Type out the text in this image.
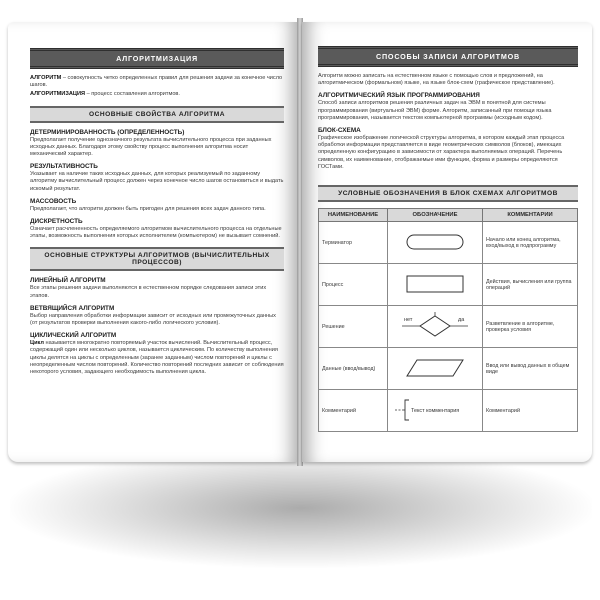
АЛГОРИТМИЗАЦИЯ

АЛГОРИТМ – совокупность четко определенных правил для решения задачи за конечное число шагов.

АЛГОРИТМИЗАЦИЯ – процесс составления алгоритмов.

ОСНОВНЫЕ СВОЙСТВА АЛГОРИТМА
ДЕТЕРМИНИРОВАННОСТЬ (ОПРЕДЕЛЕННОСТЬ)

Предполагает получение однозначного результата вычислительного процесса при заданных исходных данных. Благодаря этому свойству процесс выполнения алгоритма носит механический характер.

РЕЗУЛЬТАТИВНОСТЬ

Указывает на наличие таких исходных данных, для которых реализуемый по заданному алгоритму вычислительный процесс должен через конечное число шагов остановиться и выдать искомый результат.

МАССОВОСТЬ

Предполагает, что алгоритм должен быть пригоден для решения всех задач данного типа.

ДИСКРЕТНОСТЬ

Означает расчлененность определяемого алгоритмом вычислительного процесса на отдельные этапы, возможность выполнения которых исполнителем (компьютером) не вызывает сомнений.

ОСНОВНЫЕ СТРУКТУРЫ АЛГОРИТМОВ (ВЫЧИСЛИТЕЛЬНЫХ ПРОЦЕССОВ)
ЛИНЕЙНЫЙ АЛГОРИТМ

Все этапы решения задачи выполняются в естественном порядке следования записи этих этапов.

ВЕТВЯЩИЙСЯ АЛГОРИТМ

Выбор направления обработки информации зависит от исходных или промежуточных данных (от результатов проверки выполнения какого-либо логического условия).

ЦИКЛИЧЕСКИЙ АЛГОРИТМ

Цикл называется многократно повторяемый участок вычислений. Вычислительный процесс, содержащий один или несколько циклов, называется циклическим. По количеству выполнения циклы делятся на циклы с определенным (заранее заданным) числом повторений и циклы с неопределенным числом повторений. Количество повторений последних зависит от соблюдения некоторого условия, задающего необходимость выполнения цикла.

СПОСОБЫ ЗАПИСИ АЛГОРИТМОВ

Алгоритм можно записать на естественном языке с помощью слов и предложений, на алгоритмическом (формальном) языке, на языке блок-схем (графическое представление).

АЛГОРИТМИЧЕСКИЙ ЯЗЫК ПРОГРАММИРОВАНИЯ

Способ записи алгоритмов решения различных задач на ЭВМ в понятной для системы программирования (виртуальной ЭВМ) форме. Алгоритм, записанный при помощи языка программирования, называется текстом компьютерной программы (исходным кодом).

БЛОК-СХЕМА

Графическое изображение логической структуры алгоритма, в котором каждый этап процесса обработки информации представляется в виде геометрических символов (блоков), имеющих определенную конфигурацию в зависимости от характера выполняемых операций. Перечень символов, их наименование, отображаемые ими функции, форма и размеры определяются ГОСТами.

УСЛОВНЫЕ ОБОЗНАЧЕНИЯ В БЛОК СХЕМАХ АЛГОРИТМОВ
НАИМЕНОВАНИЕ	ОБОЗНАЧЕНИЕ	КОММЕНТАРИИ
Терминатор		Начало или конец алгоритма, вход/выход в подпрограмму
Процесс		Действия, вычисления или группа операций
Решение	нет да	Разветвление в алгоритме, проверка условия
Данные (ввод/вывод)		Ввод или вывод данных в общем виде
Комментарий	Текст комментария	Комментарий
